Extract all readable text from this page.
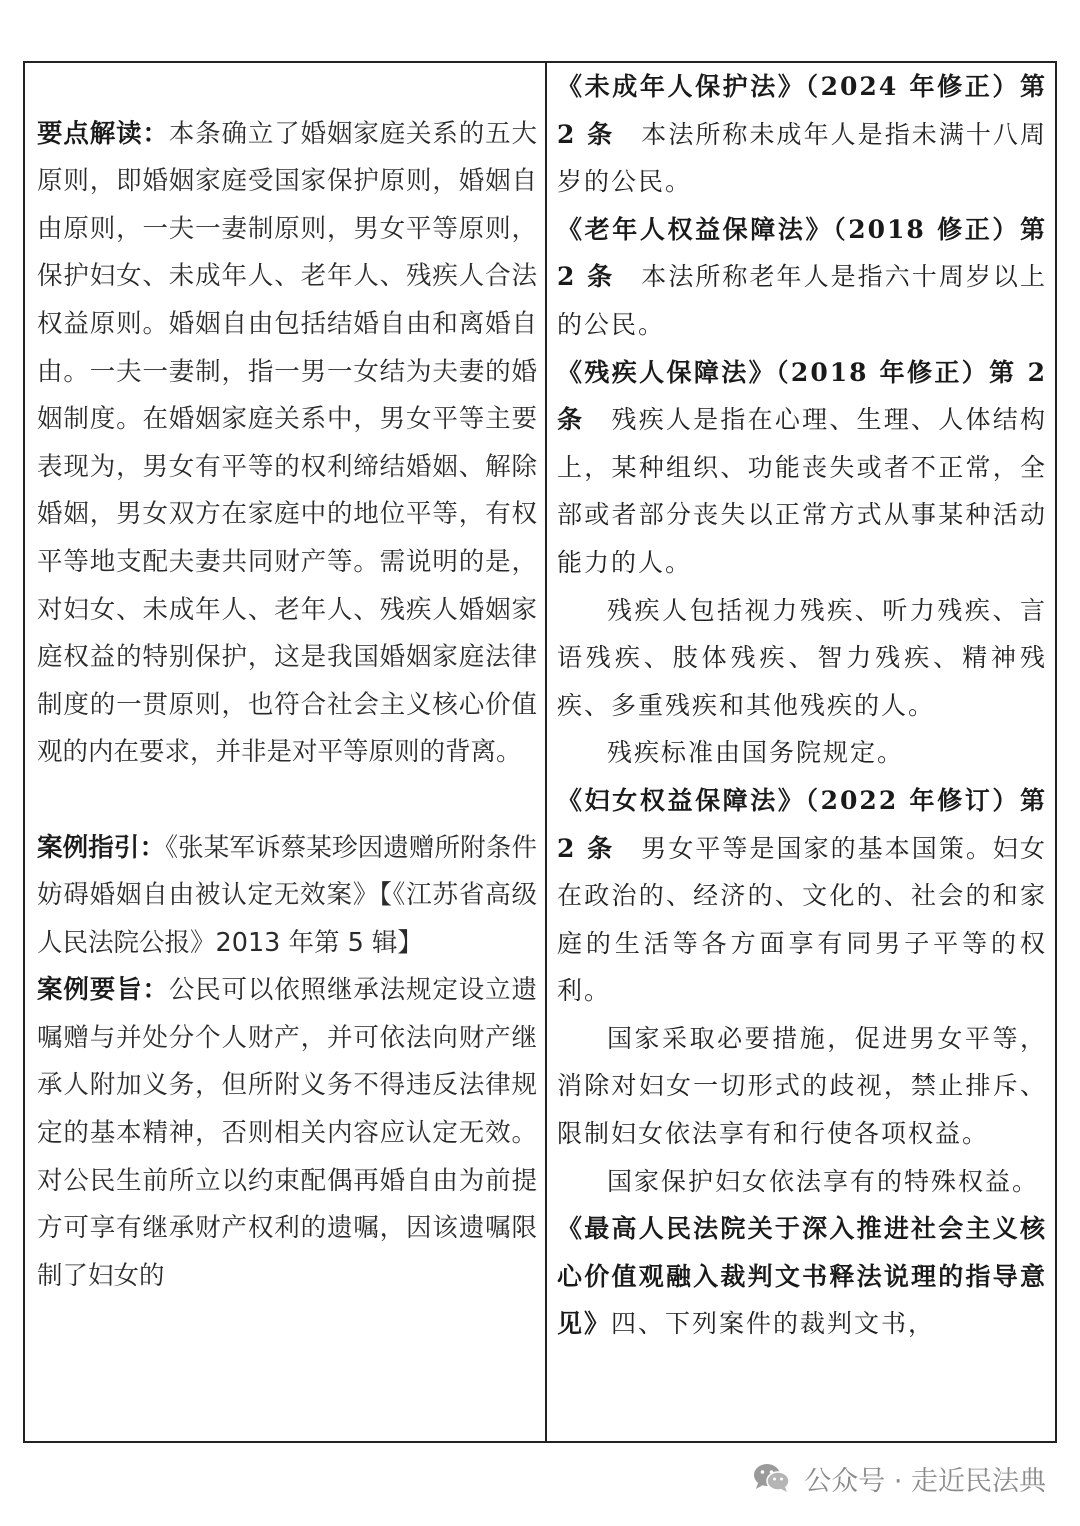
要点解读：本条确立了婚姻家庭关系的五大原则，即婚姻家庭受国家保护原则，婚姻自由原则，一夫一妻制原则，男女平等原则，保护妇女、未成年人、老年人、残疾人合法权益原则。婚姻自由包括结婚自由和离婚自由。一夫一妻制，指一男一女结为夫妻的婚姻制度。在婚姻家庭关系中，男女平等主要表现为，男女有平等的权利缔结婚姻、解除婚姻，男女双方在家庭中的地位平等，有权平等地支配夫妻共同财产等。需说明的是，对妇女、未成年人、老年人、残疾人婚姻家庭权益的特别保护，这是我国婚姻家庭法律制度的一贯原则，也符合社会主义核心价值观的内在要求，并非是对平等原则的背离。

案例指引：《张某军诉蔡某珍因遗赠所附条件妨碍婚姻自由被认定无效案》【《江苏省高级人民法院公报》2013 年第 5 辑】

案例要旨：公民可以依照继承法规定设立遗嘱赠与并处分个人财产，并可依法向财产继承人附加义务，但所附义务不得违反法律规定的基本精神，否则相关内容应认定无效。对公民生前所立以约束配偶再婚自由为前提方可享有继承财产权利的遗嘱，因该遗嘱限制了妇女的

《未成年人保护法》（2024 年修正）第 2 条　 本法所称未成年人是指未满十八周岁的公民。

《老年人权益保障法》（2018 修正）第 2 条　 本法所称老年人是指六十周岁以上的公民。

《残疾人保障法》（2018 年修正）第 2 条　 残疾人是指在心理、生理、人体结构上，某种组织、功能丧失或者不正常，全部或者部分丧失以正常方式从事某种活动能力的人。

残疾人包括视力残疾、听力残疾、言语残疾、肢体残疾、智力残疾、精神残疾、多重残疾和其他残疾的人。

残疾标准由国务院规定。

《妇女权益保障法》（2022 年修订）第 2 条　 男女平等是国家的基本国策。妇女在政治的、经济的、文化的、社会的和家庭的生活等各方面享有同男子平等的权利。

国家采取必要措施，促进男女平等，消除对妇女一切形式的歧视，禁止排斥、限制妇女依法享有和行使各项权益。

国家保护妇女依法享有的特殊权益。

《最高人民法院关于深入推进社会主义核心价值观融入裁判文书释法说理的指导意见》四、下列案件的裁判文书，

公众号 · 走近民法典
